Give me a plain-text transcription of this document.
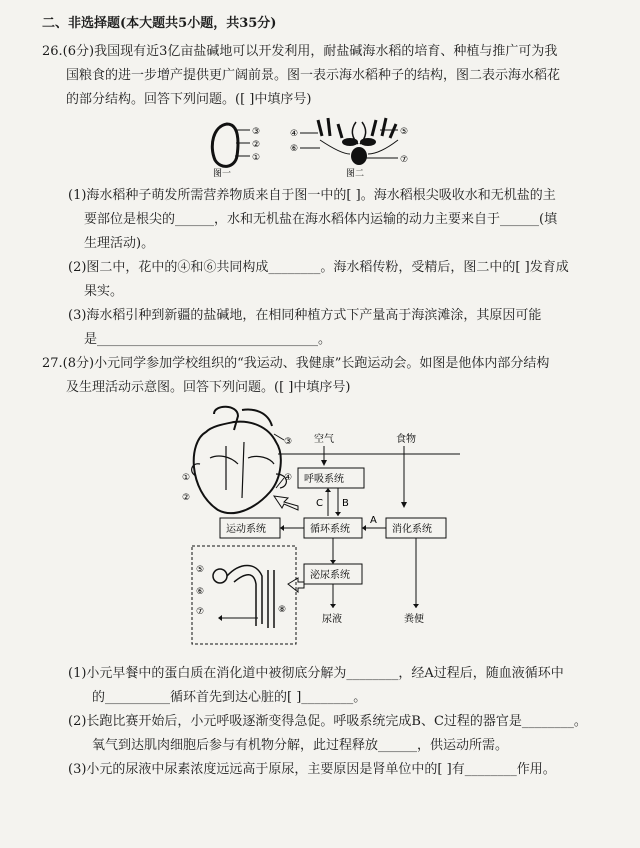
二、非选择题(本大题共5小题，共35分)
26.(6分)我国现有近3亿亩盐碱地可以开发利用，耐盐碱海水稻的培育、种植与推广可为我
国粮食的进一步增产提供更广阔前景。图一表示海水稻种子的结构，图二表示海水稻花
的部分结构。回答下列问题。([ ]中填序号)
③
②
①
图一
④
⑥
⑤
⑦
图二
(1)海水稻种子萌发所需营养物质来自于图一中的[ ]。海水稻根尖吸收水和无机盐的主
要部位是根尖的______，水和无机盐在海水稻体内运输的动力主要来自于______(填
生理活动)。
(2)图二中，花中的④和⑥共同构成________。海水稻传粉，受精后，图二中的[ ]发育成
果实。
(3)海水稻引种到新疆的盐碱地，在相同种植方式下产量高于海滨滩涂，其原因可能
是__________________________________。
27.(8分)小元同学参加学校组织的“我运动、我健康”长跑运动会。如图是他体内部分结构
及生理活动示意图。回答下列问题。([ ]中填序号)
①
②
③
④
空气	食物
呼吸系统
C B
循环系统
运动系统	消化系统
A
⑤
⑥
⑦	⑧
泌尿系统
尿液	粪便
(1)小元早餐中的蛋白质在消化道中被彻底分解为________，经A过程后，随血液循环中
的__________循环首先到达心脏的[ ]________。
(2)长跑比赛开始后，小元呼吸逐渐变得急促。呼吸系统完成B、C过程的器官是________。
氧气到达肌肉细胞后参与有机物分解，此过程释放______，供运动所需。
(3)小元的尿液中尿素浓度远远高于原尿，主要原因是肾单位中的[ ]有________作用。
